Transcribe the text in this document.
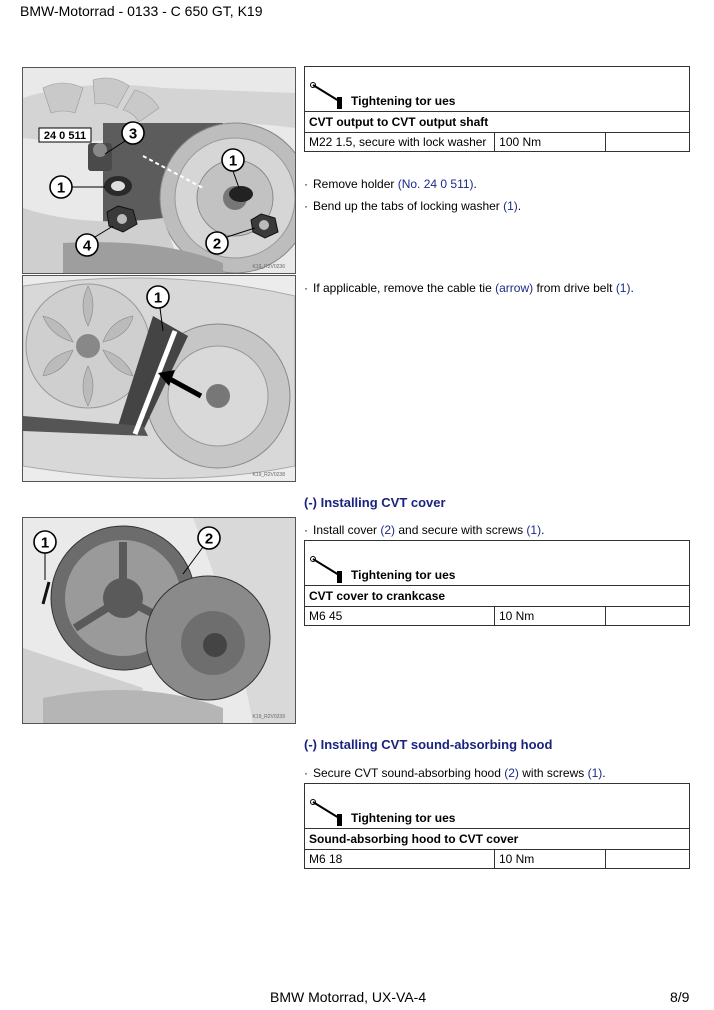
BMW-Motorrad - 0133 - C 650 GT, K19
24 0 511	3
1
1
4	2
K19_R2V0236
1
K19_R2V0238
1	2
K19_R2V0239
Tightening tor ues

CVT output to CVT output shaft
M22 1.5, secure with lock washer	100 Nm	
· Remove holder (No. 24 0 511).
· Bend up the tabs of locking washer (1).
· If applicable, remove the cable tie (arrow) from drive belt (1).
(-) Installing CVT cover
· Install cover (2) and secure with screws (1).
Tightening tor ues

CVT cover to crankcase
M6 45	10 Nm	
(-) Installing CVT sound-absorbing hood
· Secure CVT sound-absorbing hood (2) with screws (1).
Tightening tor ues

Sound-absorbing hood to CVT cover
M6 18	10 Nm	
BMW Motorrad, UX-VA-4	8/9
